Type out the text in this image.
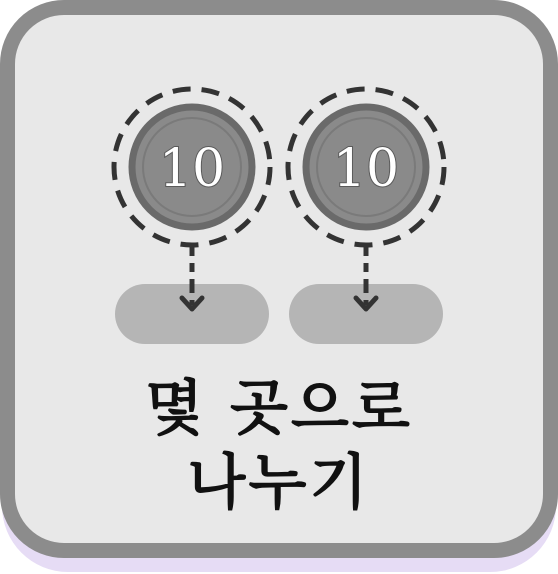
10 10
몇 곳으로
나누기
